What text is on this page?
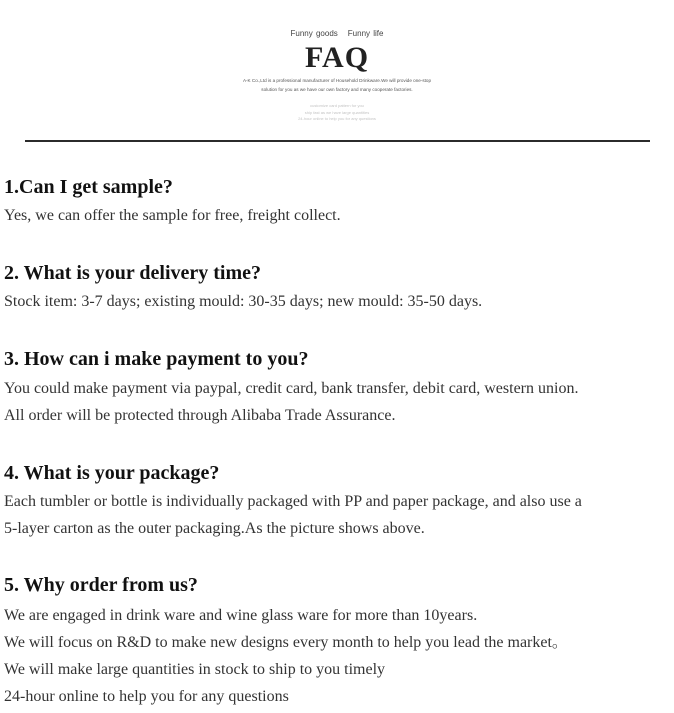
Funny goods Funny life
FAQ
A-K Co.,Ltd is a professional manufacturer of Household Drinkware.We will provide one-stop
solution for you as we have our own factory and many cooperate factories.
customize card pattern for you
ship fast as we have large quantities
24-hour online to help you for any questions
1.Can I get sample?

Yes, we can offer the sample for free, freight collect.

2. What is your delivery time?

Stock item: 3-7 days; existing mould: 30-35 days; new mould: 35-50 days.

3. How can i make payment to you?

You could make payment via paypal, credit card, bank transfer, debit card, western union.

All order will be protected through Alibaba Trade Assurance.

4. What is your package?

Each tumbler or bottle is individually packaged with PP and paper package, and also use a

5-layer carton as the outer packaging.As the picture shows above.

5. Why order from us?

We are engaged in drink ware and wine glass ware for more than 10years.

We will focus on R&D to make new designs every month to help you lead the market。

We will make large quantities in stock to ship to you timely

24-hour online to help you for any questions
